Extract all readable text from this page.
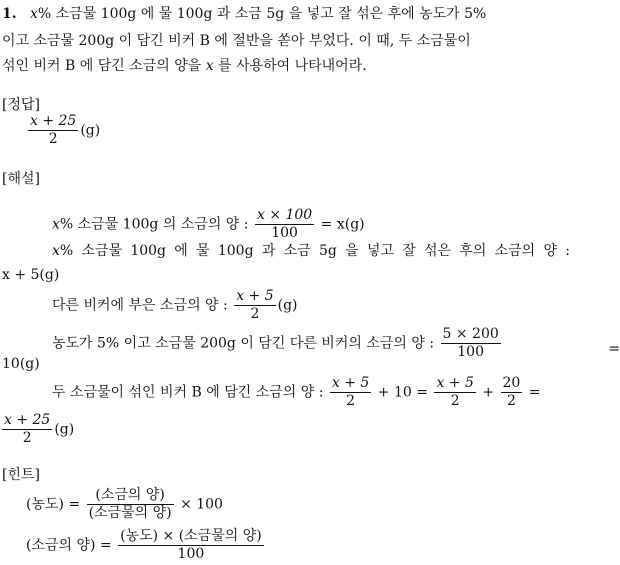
1. x% 소금물 100g 에 물 100g 과 소금 5g 을 넣고 잘 섞은 후에 농도가 5%
이고 소금물 200g 이 담긴 비커 B 에 절반을 쏟아 부었다. 이 때, 두 소금물이
섞인 비커 B 에 담긴 소금의 양을 x 를 사용하여 나타내어라.
[정답]
$\frac{x + 25}{2} (g)$
[해설]
x% 소금물 100g 의 소금의 양 : $\frac{x \times 100}{100} = x(g)$
x% 소금물 100g 에 물 100g 과 소금 5g 을 넣고 잘 섞은 후의 소금의 양 :
x + 5(g)
다른 비커에 부은 소금의 양 : $\frac{x + 5}{2} (g)$
농도가 5% 이고 소금물 200g 이 담긴 다른 비커의 소금의 양 : $\frac{5 \times 200}{100}$	=
10(g)
두 소금물이 섞인 비커 B 에 담긴 소금의 양 : $\frac{x + 5}{2} + 10 = \frac{x + 5}{2} + \frac{20}{2}$ =
$\frac{x + 25}{2} (g)$
[힌트]
(농도) = $\frac{\text{(소금의 양)}}{\text{(소금물의 양)}} \times 100$
(소금의 양) = $\frac{\text{(농도) × (소금물의 양)}}{100}$
